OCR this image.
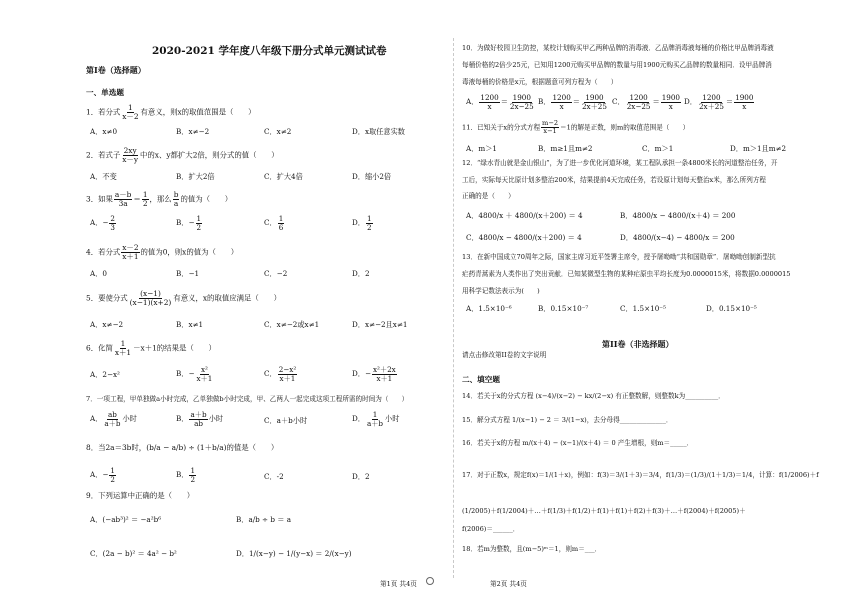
2020-2021 学年度八年级下册分式单元测试试卷
第Ⅰ卷（选择题）
一、单选题
1．若分式 $\frac{1}{x-2}$ 有意义，则x的取值范围是（　　）
A．x≠0	B．x≠−2	C．x≠2	D．x取任意实数
2．若式子 $\frac{2xy}{x-y}$ 中的x、y都扩大2倍，则分式的值（　　）
A．不变	B．扩大2倍	C．扩大4倍	D．缩小2倍
3．如果 $\frac{a-b}{3a} = \frac{1}{2}$ ，那么 $\frac{b}{a}$ 的值为（　　）
A．− $\frac{2}{3}$	B．− $\frac{1}{2}$	C． $\frac{1}{6}$	D． $\frac{1}{2}$
4．若分式 $\frac{x-2}{x+1}$ 的值为0，则x的值为（　　）
A．0	B．−1	C．−2	D．2
5．要使分式 $\frac{(x-1)}{(x-1)(x+2)}$ 有意义，x的取值应满足（　　）
A．x≠−2	B．x≠1	C．x≠−2或x≠1	D．x≠−2且x≠1
6．化简 $\frac{1}{x+1} -x+1$的结果是（　　）
A．2−x²	B．− $\frac{\text{x²}}{x+1}$	C． $\frac{\text{2−x²}}{x+1}$	D．− $\frac{\text{x²＋2x}}{x+1}$
7．一项工程，甲单独做a小时完成，乙单独做b小时完成，甲、乙两人一起完成这项工程所需的时间为（　　）
A． $\frac{ab}{a+b}$ 小时	B． $\frac{a+b}{ab}$ 小时	C．a＋b小时	D． $\frac{1}{a+b}$ 小时
8．当2a＝3b时，(b/a − a/b) ÷ (1＋b/a)的值是（　　）
A．− $\frac{1}{2}$	B． $\frac{1}{2}$	C．-2	D．2
9．下列运算中正确的是（　　）
A．(−ab³)² ＝ −a²b⁶	B．a/b ÷ b ＝ a
C．(2a − b)² ＝ 4a² − b²	D．1/(x−y) − 1/(y−x) ＝ 2/(x−y)
第1页 共4页	第2页 共4页
10．为做好校园卫生防控，某校计划购买甲乙两种品牌的消毒液．乙品牌消毒液每桶的价格比甲品牌消毒液
每桶价格的2倍少25元，已知用1200元购买甲品牌的数量与用1900元购买乙品牌的数量相同．设甲品牌消
毒液每桶的价格是x元，根据题意可列方程为（　　）
A． $\frac{1200}{x} = \frac{1900}{2x-25}$ B． $\frac{1200}{x} = \frac{1900}{2x+25}$ C． $\frac{1200}{2x-25} = \frac{1900}{x}$ D． $\frac{1200}{2x+25} = \frac{1900}{x}$
11．已知关于x的分式方程 $\frac{m-2}{x-1} =1$的解是正数，则m的取值范围是（　　）
A．m＞1	B．m≥1且m≠2	C．m＞1	D．m＞1且m≠2
12．“绿水青山就是金山银山”，为了进一步优化河道环境，某工程队承担一条4800米长的河道整治任务，开
工后，实际每天比原计划多整治200米，结果提前4天完成任务，若设原计划每天整治x米，那么所列方程
正确的是（　　）
A．4800/x ＋ 4800/(x＋200) ＝ 4	B．4800/x − 4800/(x＋4) ＝ 200
C．4800/x − 4800/(x＋200) ＝ 4	D．4800/(x−4) − 4800/x ＝ 200
13．在新中国成立70周年之际，国家主席习近平签署主席令，授予屠呦呦“共和国勋章”．屠呦呦创制新型抗
疟药青蒿素为人类作出了突出贡献．已知某微型生物的某种疟原虫平均长度为0.0000015米，将数据0.0000015
用科学记数法表示为(　　)
A．1.5×10⁻⁶	B．0.15×10⁻⁷	C．1.5×10⁻⁵	D．0.15×10⁻⁵
第II卷（非选择题）
请点击修改第II卷的文字说明
二、填空题
14．若关于x的分式方程 (x−4)/(x−2) − kx/(2−x) 有正整数解，则整数k为__________．
15．解分式方程 1/(x−1) − 2 ＝ 3/(1−x)，去分母得______________．
16．若关于x的方程 m/(x＋4) − (x−1)/(x＋4) ＝ 0 产生增根，则m＝_____．
17．对于正数x，规定f(x)＝1/(1＋x)，例如：f(3)＝3/(1＋3)＝3/4，f(1/3)＝(1/3)/(1＋1/3)＝1/4，计算：f(1/2006)＋f
(1/2005)＋f(1/2004)＋…＋f(1/3)＋f(1/2)＋f(1)＋f(1)＋f(2)＋f(3)＋…＋f(2004)＋f(2005)＋
f(2006)＝______．
18．若m为整数，且(m−5)ᵐ＝1，则m＝___．
